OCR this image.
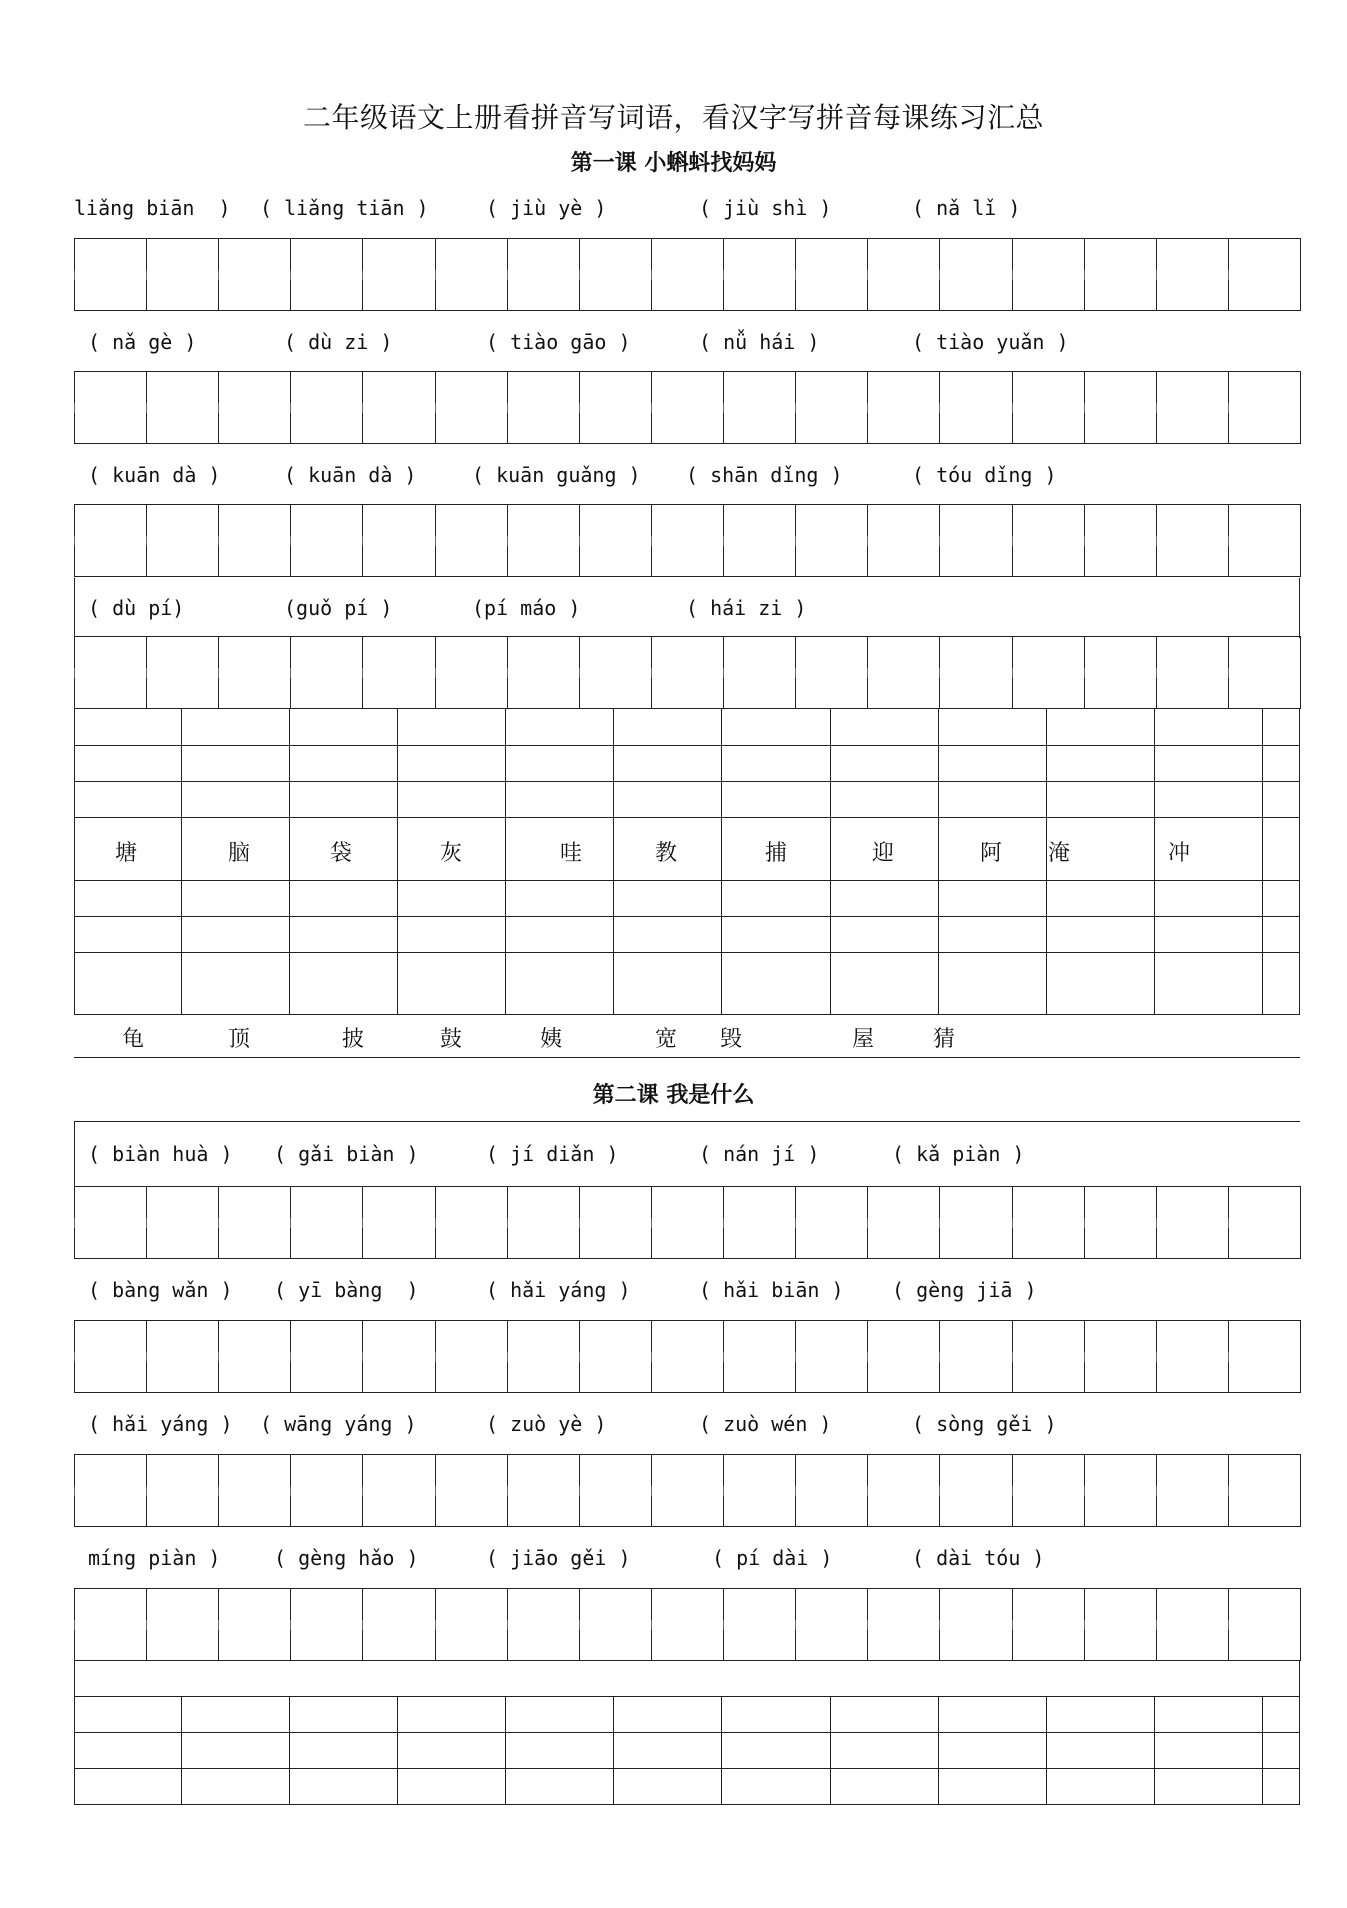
二年级语文上册看拼音写词语，看汉字写拼音每课练习汇总
第一课 小蝌蚪找妈妈
liǎng biān  ) ( liǎng tiān )	( jiù yè )	( jiù shì )	( nǎ lǐ )
( nǎ gè )	( dù zi )	( tiào gāo )	( nǚ hái )	( tiào yuǎn )
( kuān dà )	( kuān dà )	( kuān guǎng ) ( shān dǐng )	( tóu dǐng )
( dù pí)	(guǒ pí )	(pí máo )	( hái zi )
塘	脑	袋	灰	哇	教	捕	迎	阿 淹	冲
龟	顶	披	鼓	姨	宽 毁	屋	猜
第二课 我是什么
( biàn huà ) ( gǎi biàn )	( jí diǎn )	( nán jí )	( kǎ piàn )
( bàng wǎn ) ( yī bàng  )	( hǎi yáng )	( hǎi biān ) ( gèng jiā )
( hǎi yáng ) ( wāng yáng )	( zuò yè )	( zuò wén )	( sòng gěi )
míng piàn )	( gèng hǎo )	( jiāo gěi )	( pí dài )	( dài tóu )
